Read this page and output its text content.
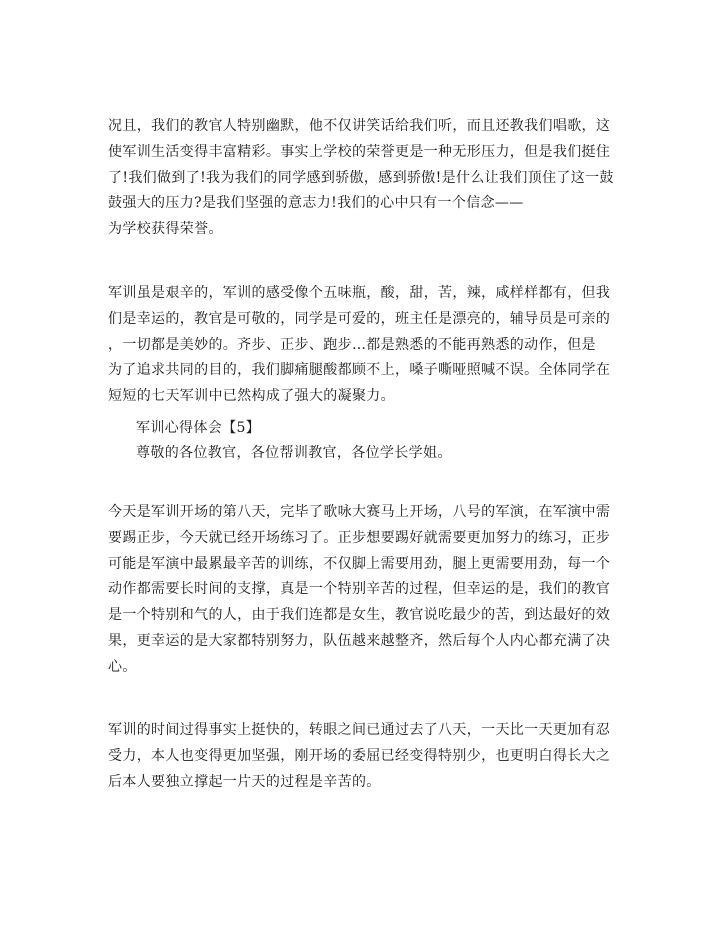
况且，我们的教官人特别幽默，他不仅讲笑话给我们听，而且还教我们唱歌，这
使军训生活变得丰富精彩。事实上学校的荣誉更是一种无形压力，但是我们挺住
了!我们做到了!我为我们的同学感到骄傲，感到骄傲!是什么让我们顶住了这一鼓
鼓强大的压力?是我们坚强的意志力!我们的心中只有一个信念——
为学校获得荣誉。
军训虽是艰辛的，军训的感受像个五味瓶，酸，甜，苦，辣，咸样样都有，但我
们是幸运的，教官是可敬的，同学是可爱的，班主任是漂亮的，辅导员是可亲的
，一切都是美妙的。齐步、正步、跑步…都是熟悉的不能再熟悉的动作，但是
为了追求共同的目的，我们脚痛腿酸都顾不上，嗓子嘶哑照喊不误。全体同学在
短短的七天军训中已然构成了强大的凝聚力。

军训心得体会【5】

尊敬的各位教官，各位帮训教官，各位学长学姐。

今天是军训开场的第八天，完毕了歌咏大赛马上开场，八号的军演，在军演中需
要踢正步，今天就已经开场练习了。正步想要踢好就需要更加努力的练习，正步
可能是军演中最累最辛苦的训练，不仅脚上需要用劲，腿上更需要用劲，每一个
动作都需要长时间的支撑，真是一个特别辛苦的过程，但幸运的是，我们的教官
是一个特别和气的人，由于我们连都是女生，教官说吃最少的苦，到达最好的效
果，更幸运的是大家都特别努力，队伍越来越整齐，然后每个人内心都充满了决
心。
军训的时间过得事实上挺快的，转眼之间已通过去了八天，一天比一天更加有忍
受力，本人也变得更加坚强，刚开场的委屈已经变得特别少，也更明白得长大之
后本人要独立撑起一片天的过程是辛苦的。
